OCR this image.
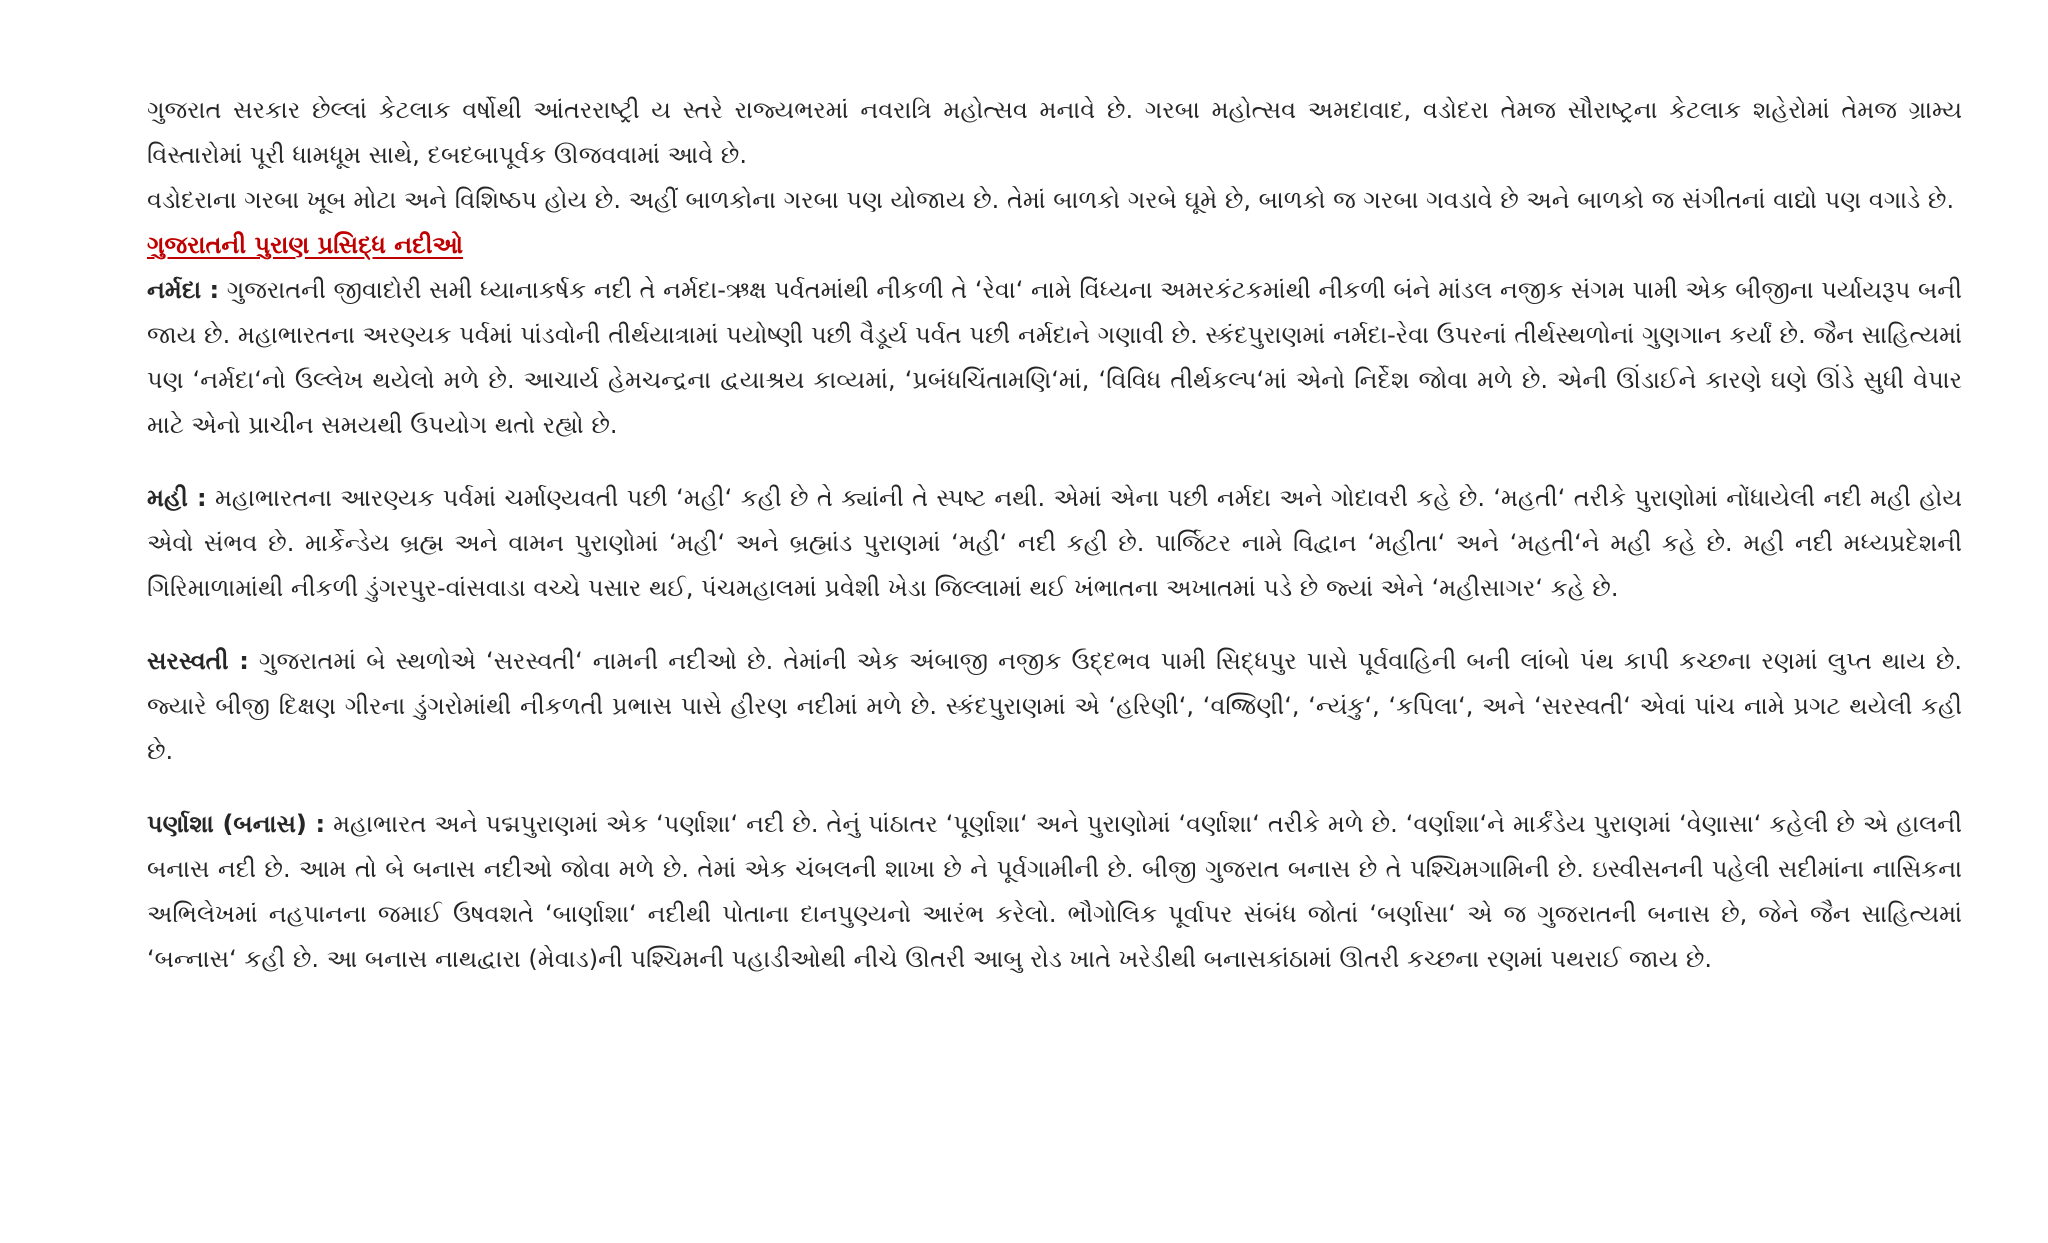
ગુજરાત સરકાર છેલ્લાં કેટલાક વર્ષોથી આંતરરાષ્ટ્રી ય સ્તરે રાજ્યભરમાં નવરાત્રિ મહોત્સવ મનાવે છે. ગરબા મહોત્સવ અમદાવાદ, વડોદરા તેમજ સૌરાષ્ટ્રના કેટલાક શહેરોમાં તેમજ ગ્રામ્ય વિસ્તારોમાં પૂરી ધામધૂમ સાથે, દબદબાપૂર્વક ઊજવવામાં આવે છે.

વડોદરાના ગરબા ખૂબ મોટા અને વિશિષ્ઠપ હોય છે. અહીં બાળકોના ગરબા પણ યોજાય છે. તેમાં બાળકો ગરબે ઘૂમે છે, બાળકો જ ગરબા ગવડાવે છે અને બાળકો જ સંગીતનાં વાદ્યો પણ વગાડે છે.

ગુજરાતની પુરાણ પ્રસિદ્ધ નદીઓ

નર્મદા : ગુજરાતની જીવાદોરી સમી ધ્યાનાકર્ષક નદી તે નર્મદા-ઋક્ષ પર્વતમાંથી નીકળી તે ‘રેવા‘ નામે વિંધ્યના અમરકંટકમાંથી નીકળી બંને માંડલ નજીક સંગમ પામી એક બીજીના પર્યાયરૂપ બની જાય છે. મહાભારતના અરણ્યક પર્વમાં પાંડવોની તીર્થયાત્રામાં પયોષ્ણી પછી વૈડૂર્ય પર્વત પછી નર્મદાને ગણાવી છે. સ્કંદપુરાણમાં નર્મદા-રેવા ઉપરનાં તીર્થસ્થળોનાં ગુણગાન કર્યાં છે. જૈન સાહિત્યમાં પણ ‘નર્મદા‘નો ઉલ્લેખ થયેલો મળે છે. આચાર્ય હેમચન્દ્રના દ્વયાશ્રય કાવ્યમાં, ‘પ્રબંધચિંતામણિ‘માં, ‘વિવિધ તીર્થકલ્પ‘માં એનો નિર્દેશ જોવા મળે છે. એની ઊંડાઈને કારણે ઘણે ઊંડે સુધી વેપાર માટે એનો પ્રાચીન સમયથી ઉપયોગ થતો રહ્યો છે.

મહી : મહાભારતના આરણ્યક પર્વમાં ચર્માણ્યવતી પછી ‘મહી‘ કહી છે તે ક્યાંની તે સ્પષ્ટ નથી. એમાં એના પછી નર્મદા અને ગોદાવરી કહે છે. ‘મહતી‘ તરીકે પુરાણોમાં નોંધાયેલી નદી મહી હોય એવો સંભવ છે. માર્કેન્ડેય બ્રહ્મ અને વામન પુરાણોમાં ‘મહી‘ અને બ્રહ્માંડ પુરાણમાં ‘મહી‘ નદી કહી છે. પાર્જિટર નામે વિદ્વાન ‘મહીતા‘ અને ‘મહતી‘ને મહી કહે છે. મહી નદી મધ્યપ્રદેશની ગિરિમાળામાંથી નીકળી ડુંગરપુર-વાંસવાડા વચ્ચે પસાર થઈ, પંચમહાલમાં પ્રવેશી ખેડા જિલ્લામાં થઈ ખંભાતના અખાતમાં પડે છે જ્યાં એને ‘મહીસાગર‘ કહે છે.

સરસ્વતી : ગુજરાતમાં બે સ્થળોએ ‘સરસ્વતી‘ નામની નદીઓ છે. તેમાંની એક અંબાજી નજીક ઉદ્દભવ પામી સિદ્ધપુર પાસે પૂર્વવાહિની બની લાંબો પંથ કાપી કચ્છના રણમાં લુપ્ત થાય છે. જ્યારે બીજી દિક્ષણ ગીરના ડુંગરોમાંથી નીકળતી પ્રભાસ પાસે હીરણ નદીમાં મળે છે. સ્કંદપુરાણમાં એ ‘હરિણી‘, ‘વજ્રિણી‘, ‘ન્યંકુ‘, ‘કપિલા‘, અને ‘સરસ્વતી‘ એવાં પાંચ નામે પ્રગટ થયેલી કહી છે.

પર્ણાશા (બનાસ) : મહાભારત અને પદ્મપુરાણમાં એક ‘પર્ણાશા‘ નદી છે. તેનું પાંઠાતર ‘પૂર્ણાશા‘ અને પુરાણોમાં ‘વર્ણાશા‘ તરીકે મળે છે. ‘વર્ણાશા‘ને માર્કંડેય પુરાણમાં ‘વેણાસા‘ કહેલી છે એ હાલની બનાસ નદી છે. આમ તો બે બનાસ નદીઓ જોવા મળે છે. તેમાં એક ચંબલની શાખા છે ને પૂર્વગામીની છે. બીજી ગુજરાત બનાસ છે તે પશ્ચિમગામિની છે. ઇસ્વીસનની પહેલી સદીમાંના નાસિકના અભિલેખમાં નહપાનના જમાઈ ઉષવશતે ‘બાર્ણાશા‘ નદીથી પોતાના દાનપુણ્યનો આરંભ કરેલો. ભૌગોલિક પૂર્વાપર સંબંધ જોતાં ‘બર્ણાસા‘ એ જ ગુજરાતની બનાસ છે, જેને જૈન સાહિત્યમાં ‘બન્નાસ‘ કહી છે. આ બનાસ નાથદ્વારા (મેવાડ)ની પશ્ચિમની પહાડીઓથી નીચે ઊતરી આબુ રોડ ખાતે ખરેડીથી બનાસકાંઠામાં ઊતરી કચ્છના રણમાં પથરાઈ જાય છે.
